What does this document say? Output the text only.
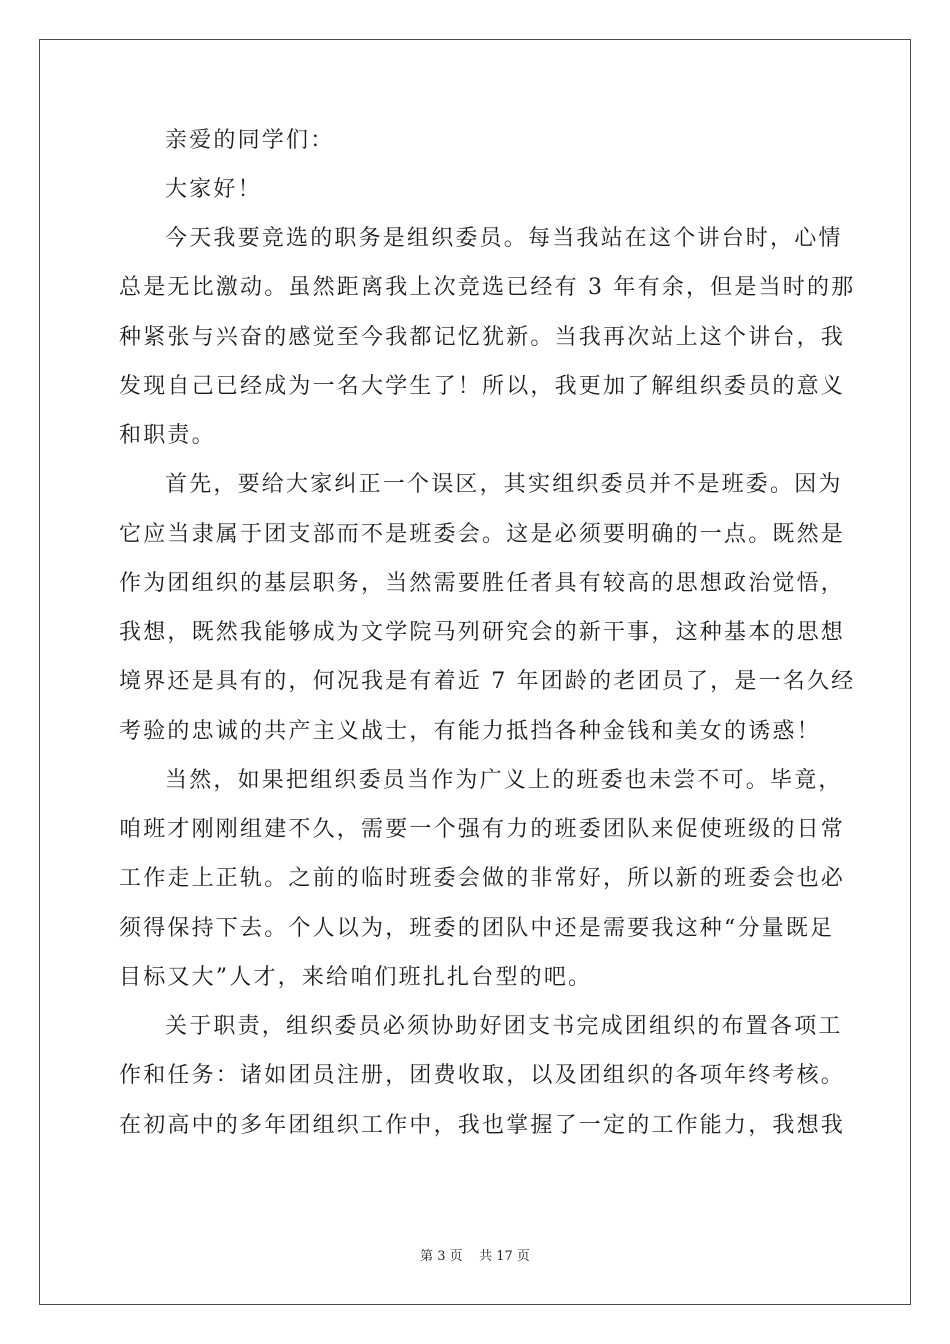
亲爱的同学们：
大家好！
今天我要竞选的职务是组织委员。每当我站在这个讲台时，心情
总是无比激动。虽然距离我上次竞选已经有 3 年有余，但是当时的那
种紧张与兴奋的感觉至今我都记忆犹新。当我再次站上这个讲台，我
发现自己已经成为一名大学生了！所以，我更加了解组织委员的意义
和职责。
首先，要给大家纠正一个误区，其实组织委员并不是班委。因为
它应当隶属于团支部而不是班委会。这是必须要明确的一点。既然是
作为团组织的基层职务，当然需要胜任者具有较高的思想政治觉悟，
我想，既然我能够成为文学院马列研究会的新干事，这种基本的思想
境界还是具有的，何况我是有着近 7 年团龄的老团员了，是一名久经
考验的忠诚的共产主义战士，有能力抵挡各种金钱和美女的诱惑！
当然，如果把组织委员当作为广义上的班委也未尝不可。毕竟，
咱班才刚刚组建不久，需要一个强有力的班委团队来促使班级的日常
工作走上正轨。之前的临时班委会做的非常好，所以新的班委会也必
须得保持下去。个人以为，班委的团队中还是需要我这种“分量既足
目标又大”人才，来给咱们班扎扎台型的吧。
关于职责，组织委员必须协助好团支书完成团组织的布置各项工
作和任务：诸如团员注册，团费收取，以及团组织的各项年终考核。
在初高中的多年团组织工作中，我也掌握了一定的工作能力，我想我
第 3 页    共 17 页
